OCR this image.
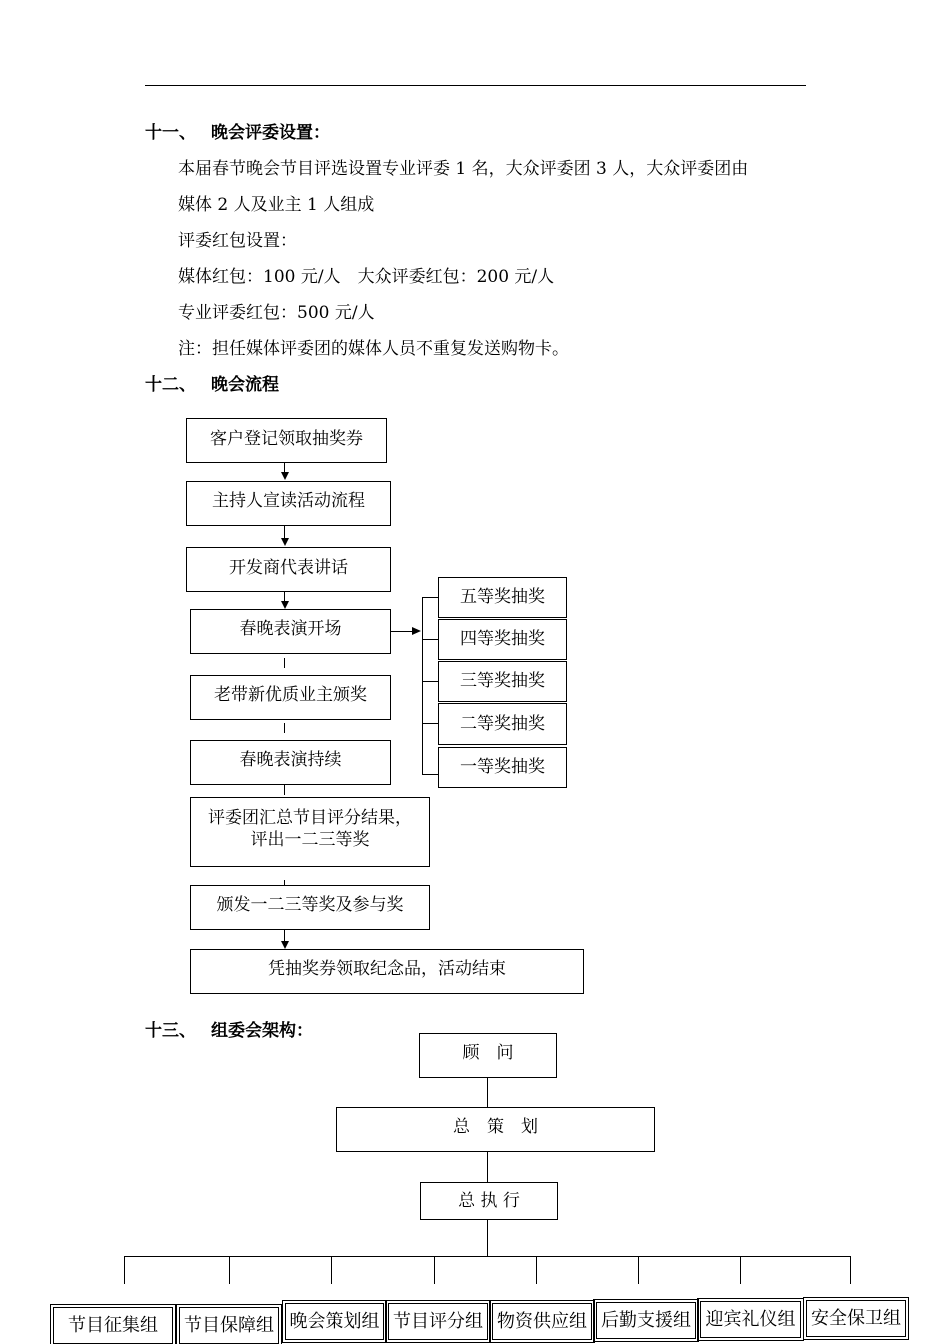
十一、 晚会评委设置：
本届春节晚会节目评选设置专业评委 1 名，大众评委团 3 人，大众评委团由
媒体 2 人及业主 1 人组成
评委红包设置：
媒体红包：100 元/人　大众评委红包：200 元/人
专业评委红包：500 元/人
注：担任媒体评委团的媒体人员不重复发送购物卡。
十二、 晚会流程
客户登记领取抽奖券
主持人宣读活动流程
开发商代表讲话
春晚表演开场
老带新优质业主颁奖
春晚表演持续
评委团汇总节目评分结果，
评出一二三等奖
颁发一二三等奖及参与奖
凭抽奖券领取纪念品，活动结束
五等奖抽奖
四等奖抽奖
三等奖抽奖
二等奖抽奖
一等奖抽奖
十三、 组委会架构：
顾　问
总　策　划
总 执 行
节目征集组	节目保障组 晚会策划组 节目评分组 物资供应组 后勤支援组 迎宾礼仪组 安全保卫组
